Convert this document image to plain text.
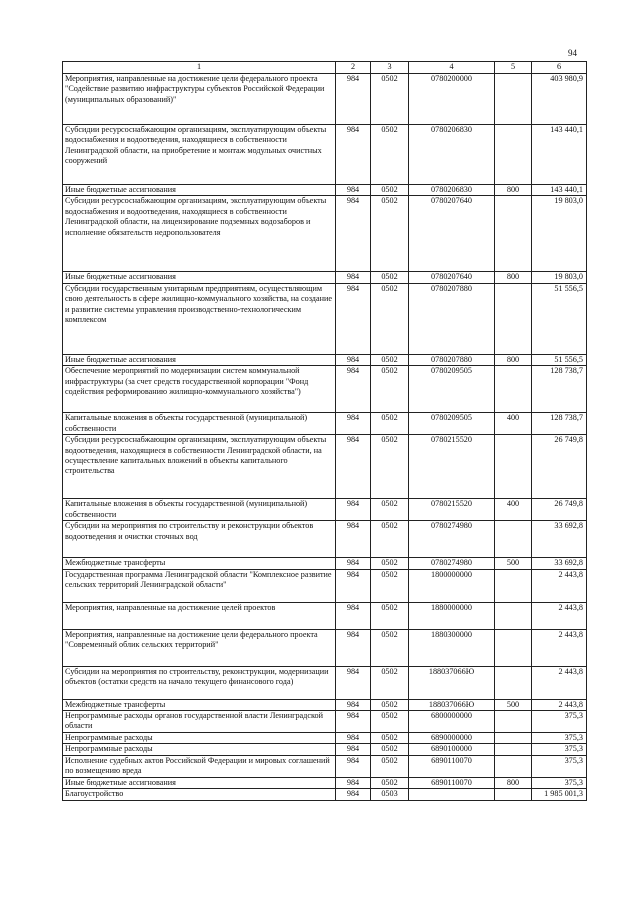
94
1	2	3	4	5	6
Мероприятия, направленные на достижение цели федерального проекта "Содействие развитию инфраструктуры субъектов Российской Федерации (муниципальных образований)"	984	0502	0780200000		403 980,9
Субсидии ресурсоснабжающим организациям, эксплуатирующим объекты водоснабжения и водоотведения, находящиеся в собственности Ленинградской области, на приобретение и монтаж модульных очистных сооружений	984	0502	0780206830		143 440,1
Иные бюджетные ассигнования	984	0502	0780206830	800	143 440,1
Субсидии ресурсоснабжающим организациям, эксплуатирующим объекты водоснабжения и водоотведения, находящиеся в собственности Ленинградской области, на лицензирование подземных водозаборов и исполнение обязательств недропользователя	984	0502	0780207640		19 803,0
Иные бюджетные ассигнования	984	0502	0780207640	800	19 803,0
Субсидии государственным унитарным предприятиям, осуществляющим свою деятельность в сфере жилищно-коммунального хозяйства, на создание и развитие системы управления производственно-технологическим комплексом	984	0502	0780207880		51 556,5
Иные бюджетные ассигнования	984	0502	0780207880	800	51 556,5
Обеспечение мероприятий по модернизации систем коммунальной инфраструктуры (за счет средств государственной корпорации "Фонд содействия реформированию жилищно-коммунального хозяйства")	984	0502	0780209505		128 738,7
Капитальные вложения в объекты государственной (муниципальной) собственности	984	0502	0780209505	400	128 738,7
Субсидии ресурсоснабжающим организациям, эксплуатирующим объекты водоотведения, находящиеся в собственности Ленинградской области, на осуществление капитальных вложений в объекты капитального строительства	984	0502	0780215520		26 749,8
Капитальные вложения в объекты государственной (муниципальной) собственности	984	0502	0780215520	400	26 749,8
Субсидии на мероприятия по строительству и реконструкции объектов водоотведения и очистки сточных вод	984	0502	0780274980		33 692,8
Межбюджетные трансферты	984	0502	0780274980	500	33 692,8
Государственная программа Ленинградской области "Комплексное развитие сельских территорий Ленинградской области"	984	0502	1800000000		2 443,8
Мероприятия, направленные на достижение целей проектов	984	0502	1880000000		2 443,8
Мероприятия, направленные на достижение цели федерального проекта "Современный облик сельских территорий"	984	0502	1880300000		2 443,8
Субсидии на мероприятия по строительству, реконструкции, модернизации объектов (остатки средств на начало текущего финансового года)	984	0502	188037066Ю		2 443,8
Межбюджетные трансферты	984	0502	188037066Ю	500	2 443,8
Непрограммные расходы органов государственной власти Ленинградской области	984	0502	6800000000		375,3
Непрограммные расходы	984	0502	6890000000		375,3
Непрограммные расходы	984	0502	6890100000		375,3
Исполнение судебных актов Российской Федерации и мировых соглашений по возмещению вреда	984	0502	6890110070		375,3
Иные бюджетные ассигнования	984	0502	6890110070	800	375,3
Благоустройство	984	0503			1 985 001,3
